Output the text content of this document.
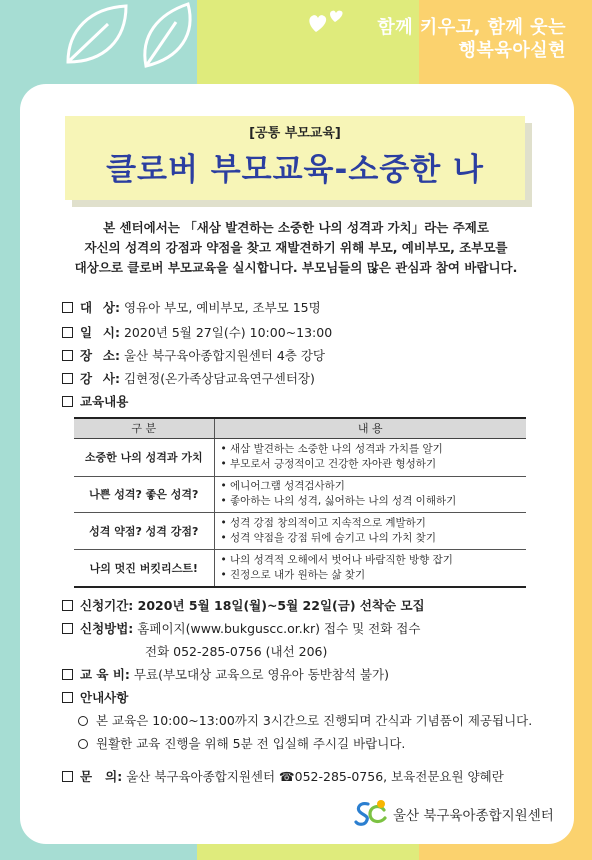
함께 키우고, 함께 웃는
행복육아실현
[공통 부모교육]
클로버 부모교육-소중한 나
본 센터에서는 「새삼 발견하는 소중한 나의 성격과 가치」라는 주제로
자신의 성격의 강점과 약점을 찾고 재발견하기 위해 부모, 예비부모, 조부모를
대상으로 클로버 부모교육을 실시합니다. 부모님들의 많은 관심과 참여 바랍니다.
대 상: 영유아 부모, 예비부모, 조부모 15명
일 시: 2020년 5월 27일(수) 10:00~13:00
장 소: 울산 북구육아종합지원센터 4층 강당
강 사: 김현정(온가족상담교육연구센터장)
교육내용
구 분	내 용
소중한 나의 성격과 가치	• 새삼 발견하는 소중한 나의 성격과 가치를 알기
• 부모로서 긍정적이고 건강한 자아관 형성하기

나쁜 성격? 좋은 성격?	• 에니어그램 성격검사하기
• 좋아하는 나의 성격, 싫어하는 나의 성격 이해하기

성격 약점? 성격 강점?	• 성격 강점 창의적이고 지속적으로 계발하기
• 성격 약점을 강점 뒤에 숨기고 나의 가치 찾기

나의 멋진 버킷리스트!	• 나의 성격적 오해에서 벗어나 바람직한 방향 잡기
• 진정으로 내가 원하는 삶 찾기
신청기간: 2020년 5월 18일(월)~5월 22일(금) 선착순 모집
신청방법: 홈페이지(www.bukguscc.or.kr) 접수 및 전화 접수
전화 052-285-0756 (내선 206)
교 육 비: 무료(부모대상 교육으로 영유아 동반참석 불가)
안내사항
본 교육은 10:00~13:00까지 3시간으로 진행되며 간식과 기념품이 제공됩니다.
원활한 교육 진행을 위해 5분 전 입실해 주시길 바랍니다.
문   의: 울산 북구육아종합지원센터 ☎052-285-0756, 보육전문요원 양혜란
울산 북구육아종합지원센터
